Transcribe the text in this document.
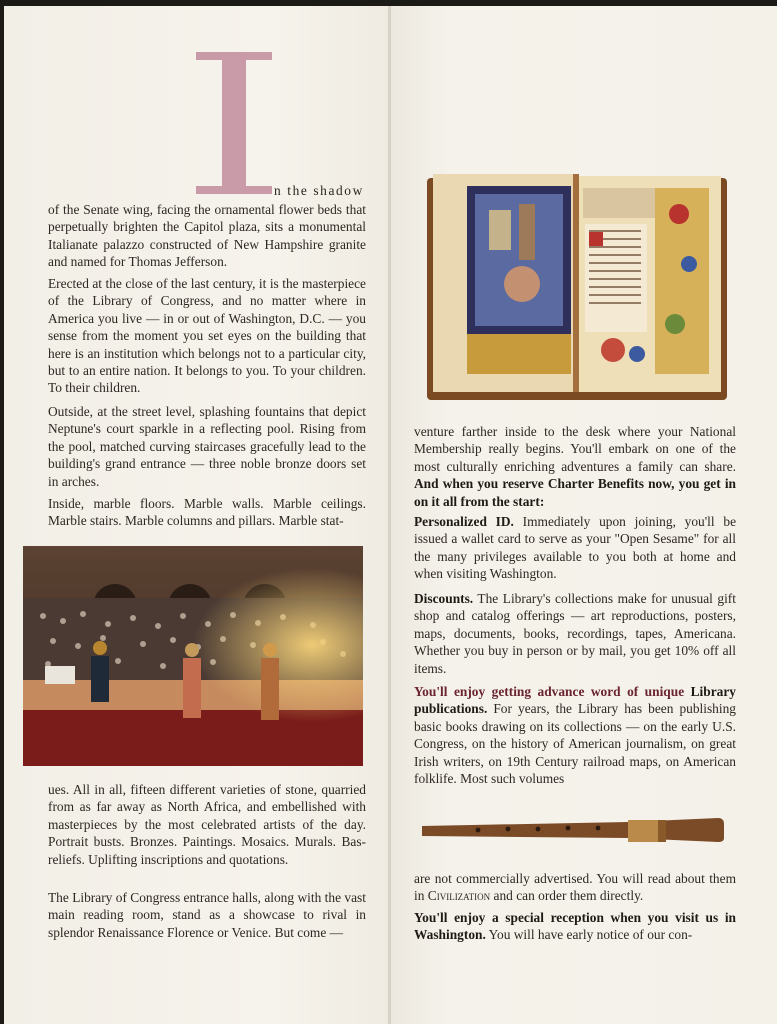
n the shadow

of the Senate wing, facing the ornamental flower beds that perpetually brighten the Capitol plaza, sits a monumental Italianate palazzo constructed of New Hampshire granite and named for Thomas Jefferson.

Erected at the close of the last century, it is the masterpiece of the Library of Congress, and no matter where in America you live — in or out of Washington, D.C. — you sense from the moment you set eyes on the building that here is an institution which belongs not to a particular city, but to an entire nation. It belongs to you. To your children. To their children.

Outside, at the street level, splashing fountains that depict Neptune's court sparkle in a reflecting pool. Rising from the pool, matched curving staircases gracefully lead to the building's grand entrance — three noble bronze doors set in arches.

Inside, marble floors. Marble walls. Marble ceilings. Marble stairs. Marble columns and pillars. Marble stat-

ues. All in all, fifteen different varieties of stone, quarried from as far away as North Africa, and embellished with masterpieces by the most celebrated artists of the day. Portrait busts. Bronzes. Paintings. Mosaics. Murals. Bas-reliefs. Uplifting inscriptions and quotations.

The Library of Congress entrance halls, along with the vast main reading room, stand as a showcase to rival in splendor Renaissance Florence or Venice. But come —

venture farther inside to the desk where your National Membership really begins. You'll embark on one of the most culturally enriching adventures a family can share. And when you reserve Charter Benefits now, you get in on it all from the start:

Personalized ID. Immediately upon joining, you'll be issued a wallet card to serve as your "Open Sesame" for all the many privileges available to you both at home and when visiting Washington.

Discounts. The Library's collections make for unusual gift shop and catalog offerings — art reproductions, posters, maps, documents, books, recordings, tapes, Americana. Whether you buy in person or by mail, you get 10% off all items.

You'll enjoy getting advance word of unique Library publications. For years, the Library has been publishing basic books drawing on its collections — on the early U.S. Congress, on the history of American journalism, on great Irish writers, on 19th Century railroad maps, on American folklife. Most such volumes

are not commercially advertised. You will read about them in Civilization and can order them directly.

You'll enjoy a special reception when you visit us in Washington. You will have early notice of our con-
